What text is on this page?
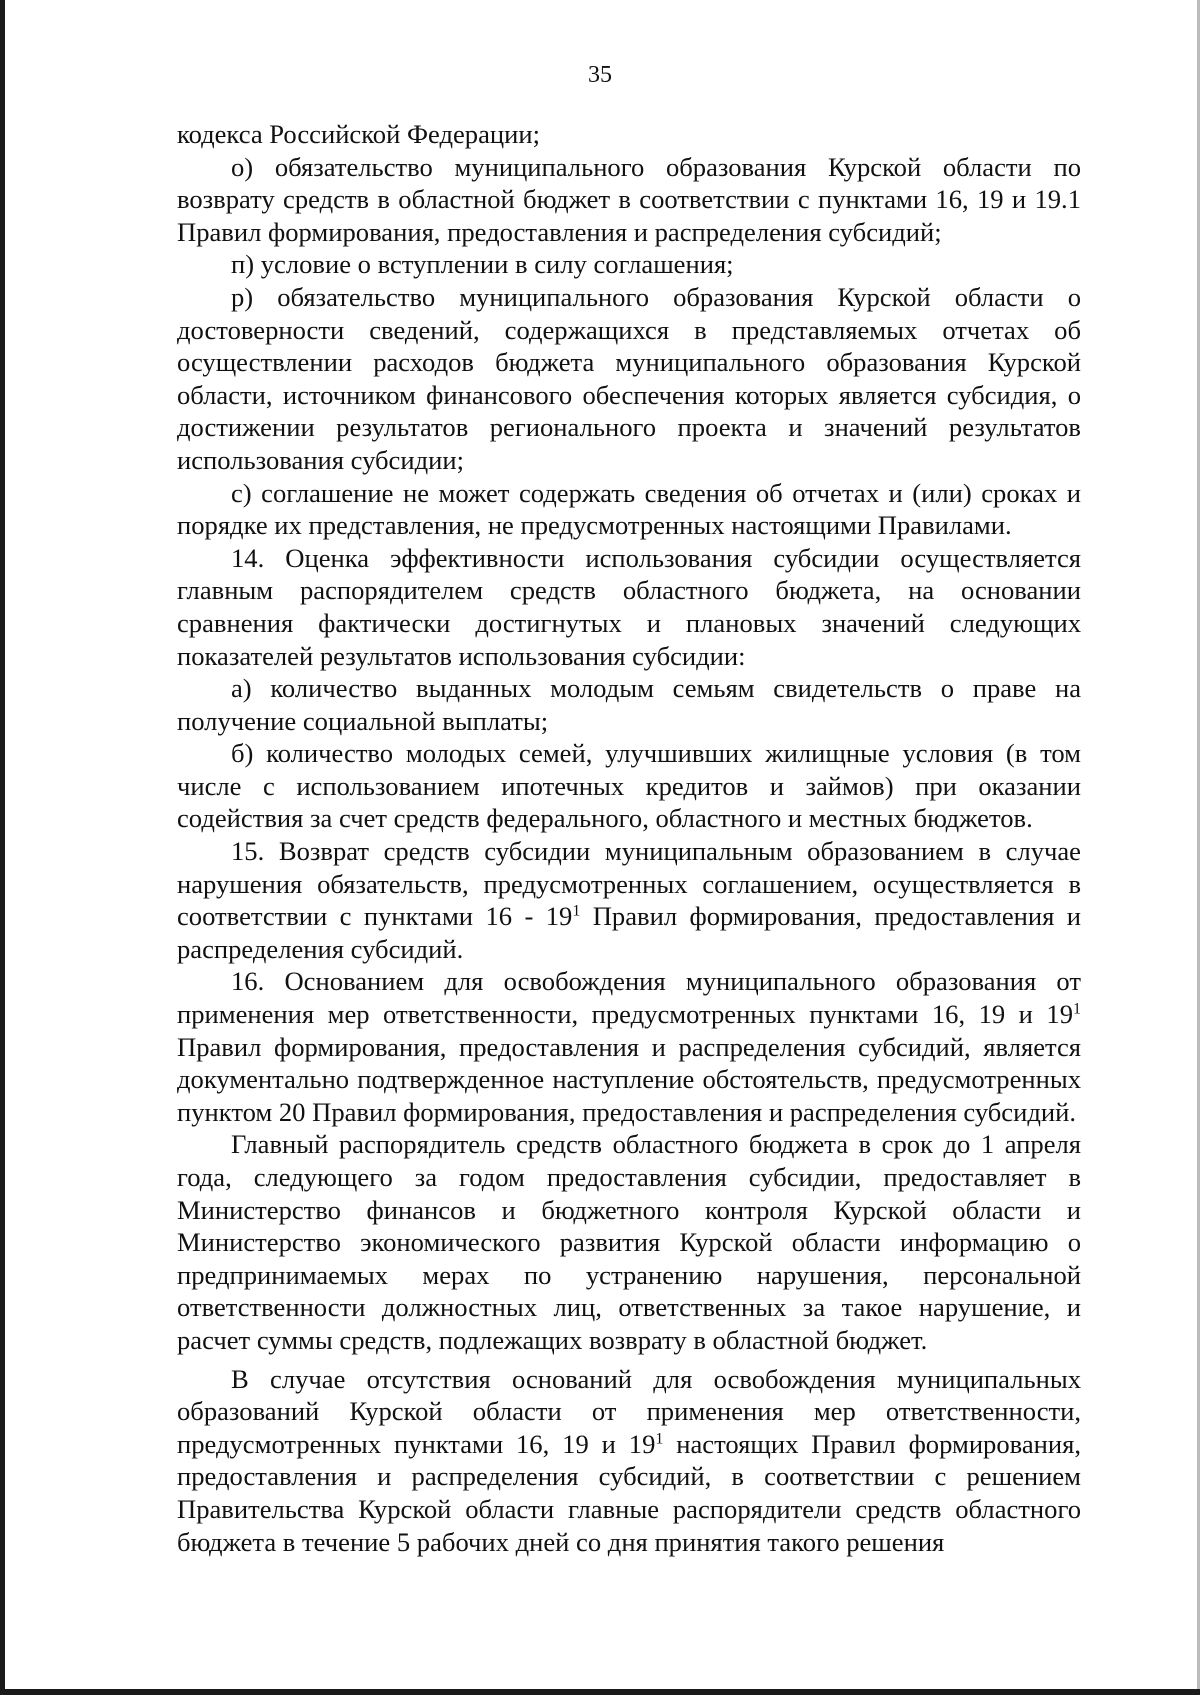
35

кодекса Российской Федерации;

о) обязательство муниципального образования Курской области по возврату средств в областной бюджет в соответствии с пунктами 16, 19 и 19.1 Правил формирования, предоставления и распределения субсидий;

п) условие о вступлении в силу соглашения;

р) обязательство муниципального образования Курской области о достоверности сведений, содержащихся в представляемых отчетах об осуществлении расходов бюджета муниципального образования Курской области, источником финансового обеспечения которых является субсидия, о достижении результатов регионального проекта и значений результатов использования субсидии;

с) соглашение не может содержать сведения об отчетах и (или) сроках и порядке их представления, не предусмотренных настоящими Правилами.

14. Оценка эффективности использования субсидии осуществляется главным распорядителем средств областного бюджета, на основании сравнения фактически достигнутых и плановых значений следующих показателей результатов использования субсидии:

а) количество выданных молодым семьям свидетельств о праве на получение социальной выплаты;

б) количество молодых семей, улучшивших жилищные условия (в том числе с использованием ипотечных кредитов и займов) при оказании содействия за счет средств федерального, областного и местных бюджетов.

15. Возврат средств субсидии муниципальным образованием в случае нарушения обязательств, предусмотренных соглашением, осуществляется в соответствии с пунктами $16 - 19^1$ Правил формирования, предоставления и распределения субсидий.

16. Основанием для освобождения муниципального образования от применения мер ответственности, предусмотренных пунктами 16, 19 и $19^1$ Правил формирования, предоставления и распределения субсидий, является документально подтвержденное наступление обстоятельств, предусмотренных пунктом 20 Правил формирования, предоставления и распределения субсидий.

Главный распорядитель средств областного бюджета в срок до 1 апреля года, следующего за годом предоставления субсидии, предоставляет в Министерство финансов и бюджетного контроля Курской области и Министерство экономического развития Курской области информацию о предпринимаемых мерах по устранению нарушения, персональной ответственности должностных лиц, ответственных за такое нарушение, и расчет суммы средств, подлежащих возврату в областной бюджет.

В случае отсутствия оснований для освобождения муниципальных образований Курской области от применения мер ответственности, предусмотренных пунктами 16, 19 и $19^1$ настоящих Правил формирования, предоставления и распределения субсидий, в соответствии с решением Правительства Курской области главные распорядители средств областного бюджета в течение 5 рабочих дней со дня принятия такого решения
